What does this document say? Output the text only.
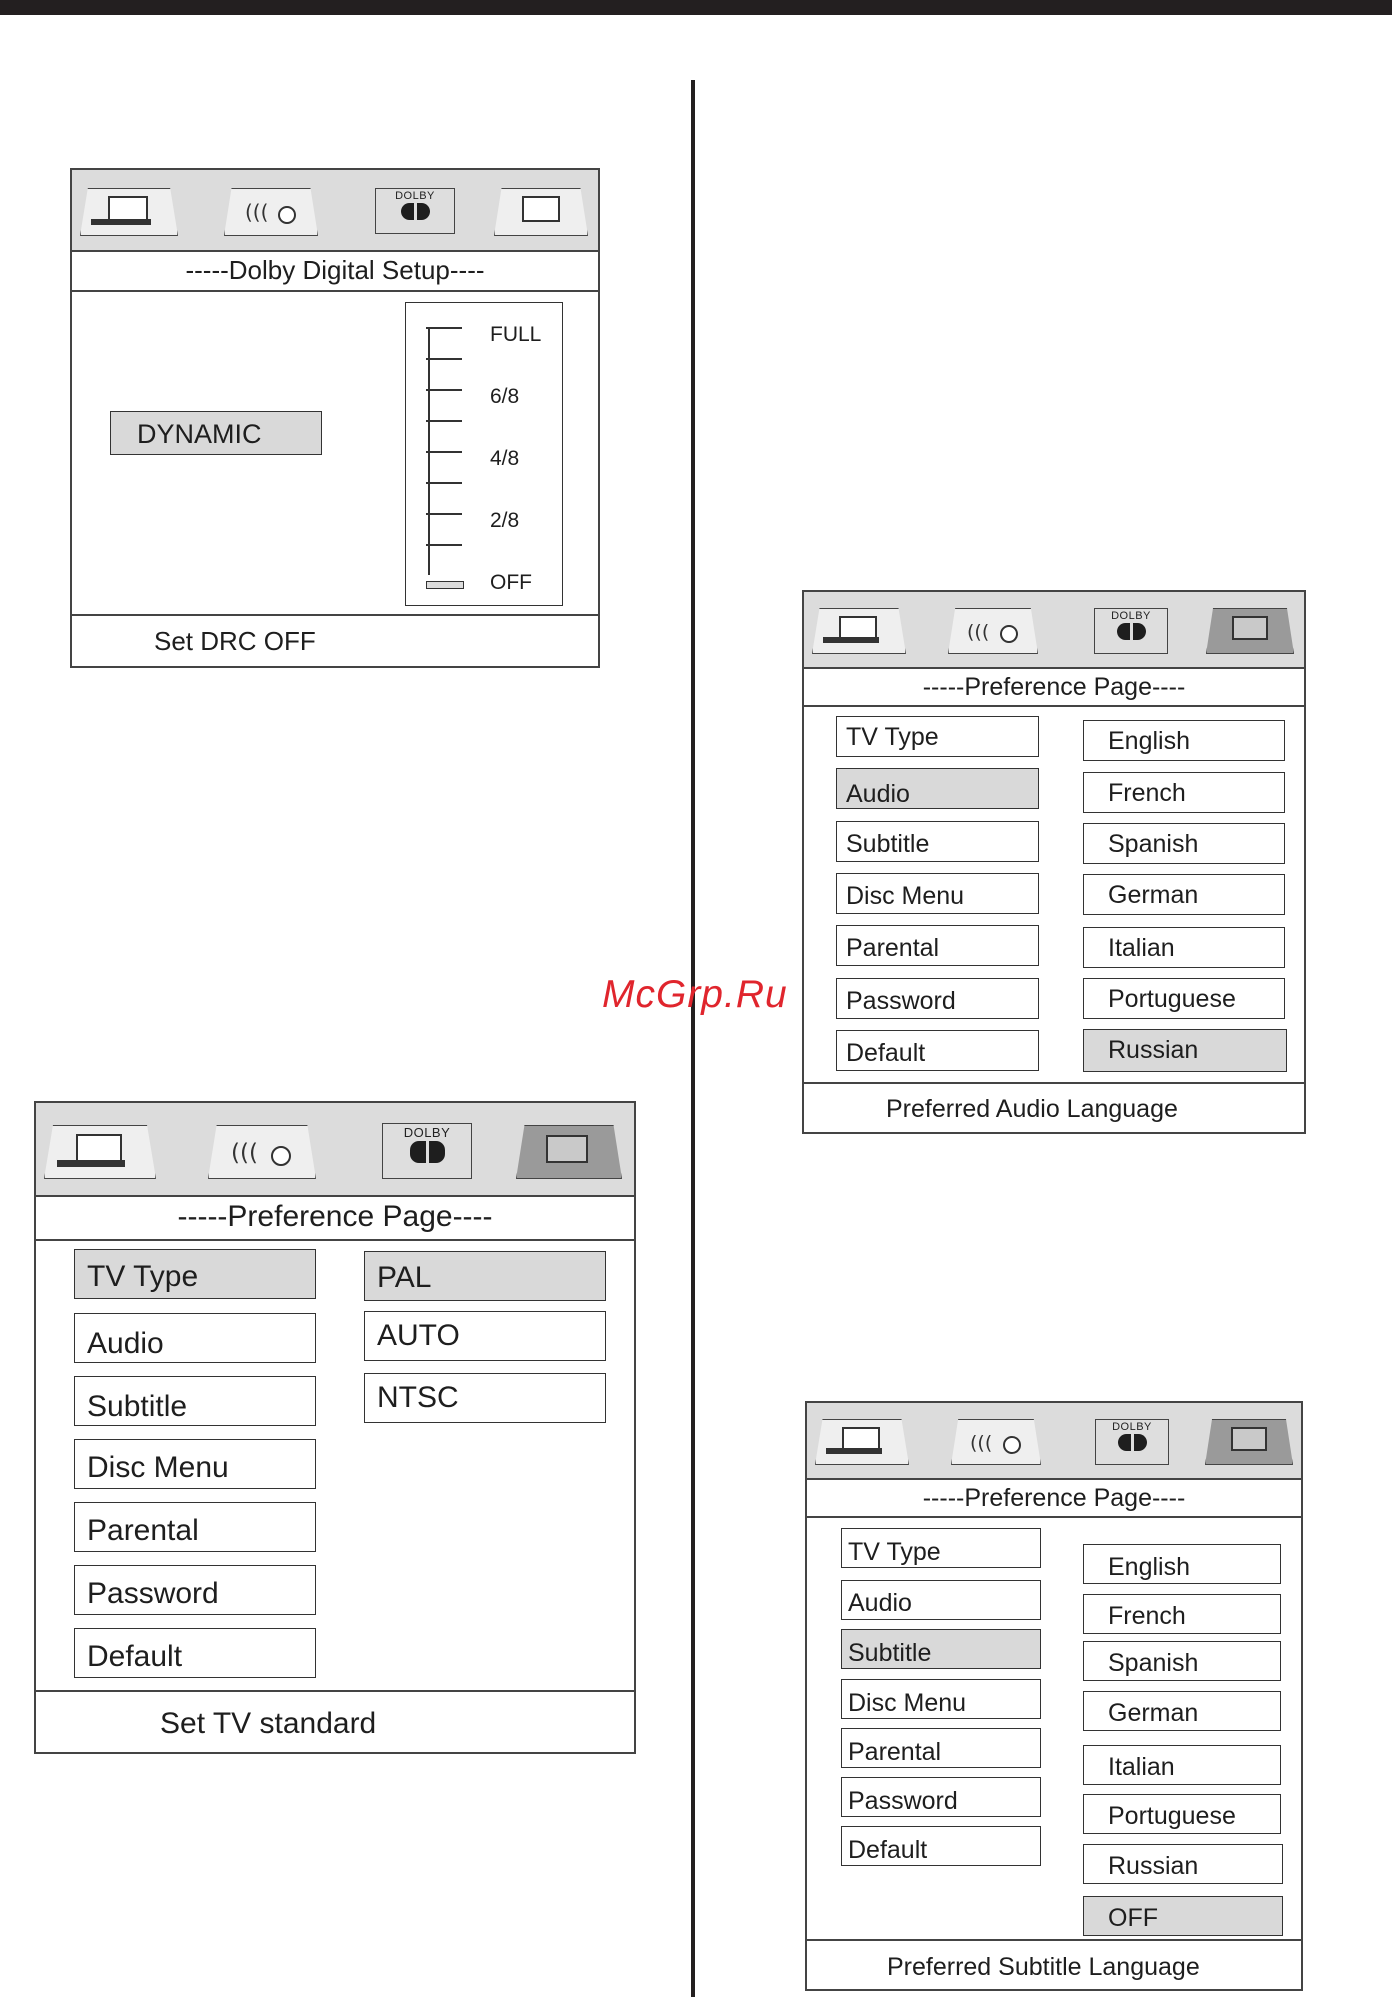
McGrp.Ru
(((
DOLBY
-----Dolby Digital Setup----
DYNAMIC
FULL
6/8
4/8
2/8
OFF
Set DRC OFF
(((
DOLBY
-----Preference Page----
TV Type
Audio
Subtitle
Disc Menu
Parental
Password
Default
PAL
AUTO
NTSC
Set TV standard
(((
DOLBY
-----Preference Page----
TV Type
Audio
Subtitle
Disc Menu
Parental
Password
Default
English
French
Spanish
German
Italian
Portuguese
Russian
Preferred Audio Language
(((
DOLBY
-----Preference Page----
TV Type
Audio
Subtitle
Disc Menu
Parental
Password
Default
English
French
Spanish
German
Italian
Portuguese
Russian
OFF
Preferred Subtitle Language
